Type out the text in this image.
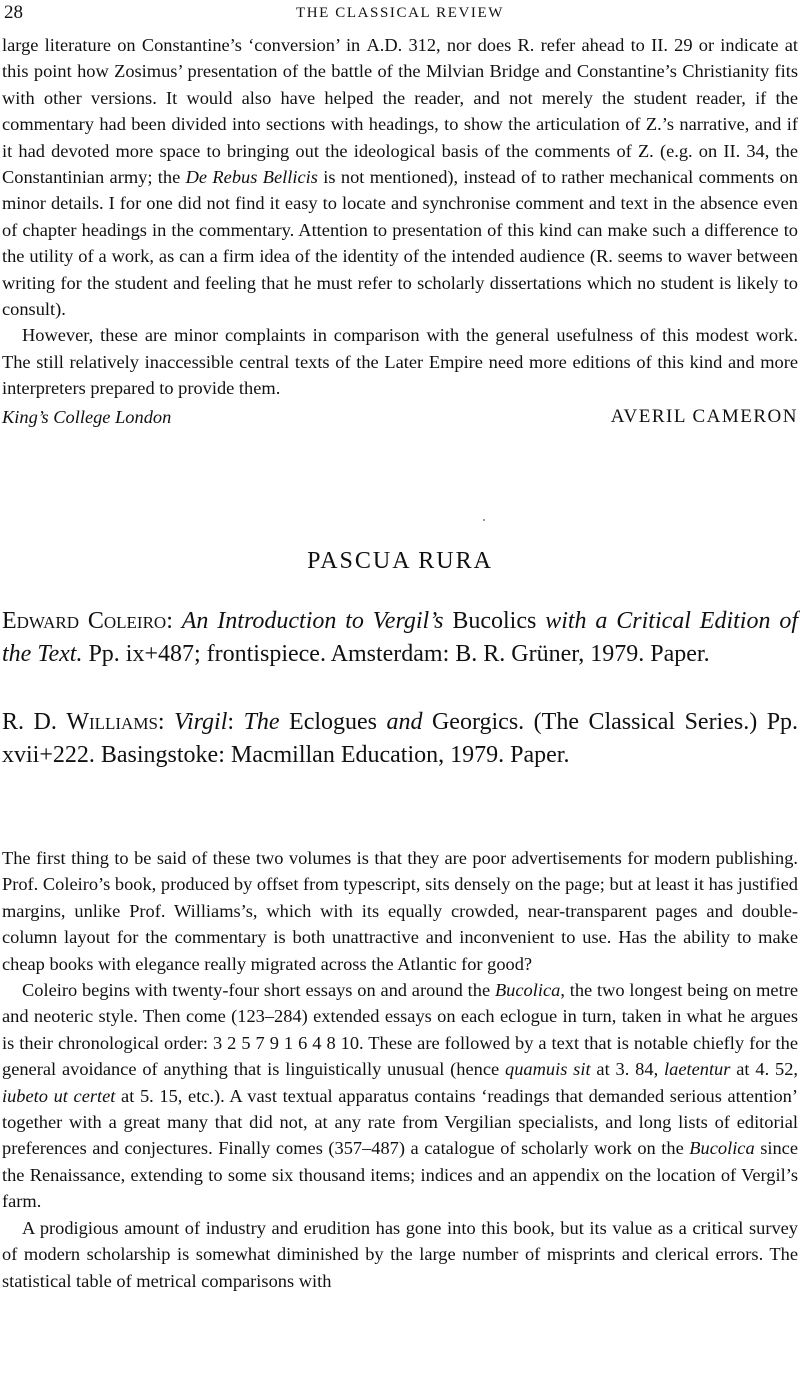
28	THE CLASSICAL REVIEW

large literature on Constantine’s ‘conversion’ in A.D. 312, nor does R. refer ahead to II. 29 or indicate at this point how Zosimus’ presentation of the battle of the Milvian Bridge and Constantine’s Christianity fits with other versions. It would also have helped the reader, and not merely the student reader, if the commentary had been divided into sections with headings, to show the articulation of Z.’s narrative, and if it had devoted more space to bringing out the ideological basis of the comments of Z. (e.g. on II. 34, the Constantinian army; the De Rebus Bellicis is not mentioned), instead of to rather mechanical comments on minor details. I for one did not find it easy to locate and synchronise comment and text in the absence even of chapter headings in the commentary. Attention to presentation of this kind can make such a difference to the utility of a work, as can a firm idea of the identity of the intended audience (R. seems to waver between writing for the student and feeling that he must refer to scholarly dissertations which no student is likely to consult).

However, these are minor complaints in comparison with the general usefulness of this modest work. The still relatively inaccessible central texts of the Later Empire need more editions of this kind and more interpreters prepared to provide them.

King’s College London	AVERIL CAMERON
PASCUA RURA

Edward Coleiro: An Introduction to Vergil’s Bucolics with a Critical Edition of the Text. Pp. ix+487; frontispiece. Amsterdam: B. R. Grüner, 1979. Paper.

R. D. Williams: Virgil: The Eclogues and Georgics. (The Classical Series.) Pp. xvii+222. Basingstoke: Macmillan Education, 1979. Paper.

The first thing to be said of these two volumes is that they are poor advertisements for modern publishing. Prof. Coleiro’s book, produced by offset from typescript, sits densely on the page; but at least it has justified margins, unlike Prof. Williams’s, which with its equally crowded, near-transparent pages and double-column layout for the commentary is both unattractive and inconvenient to use. Has the ability to make cheap books with elegance really migrated across the Atlantic for good?

Coleiro begins with twenty-four short essays on and around the Bucolica, the two longest being on metre and neoteric style. Then come (123–284) extended essays on each eclogue in turn, taken in what he argues is their chronological order: 3 2 5 7 9 1 6 4 8 10. These are followed by a text that is notable chiefly for the general avoidance of anything that is linguistically unusual (hence quamuis sit at 3. 84, laetentur at 4. 52, iubeto ut certet at 5. 15, etc.). A vast textual apparatus contains ‘readings that demanded serious attention’ together with a great many that did not, at any rate from Vergilian specialists, and long lists of editorial preferences and conjectures. Finally comes (357–487) a catalogue of scholarly work on the Bucolica since the Renaissance, extending to some six thousand items; indices and an appendix on the location of Vergil’s farm.

A prodigious amount of industry and erudition has gone into this book, but its value as a critical survey of modern scholarship is somewhat diminished by the large number of misprints and clerical errors. The statistical table of metrical comparisons with
